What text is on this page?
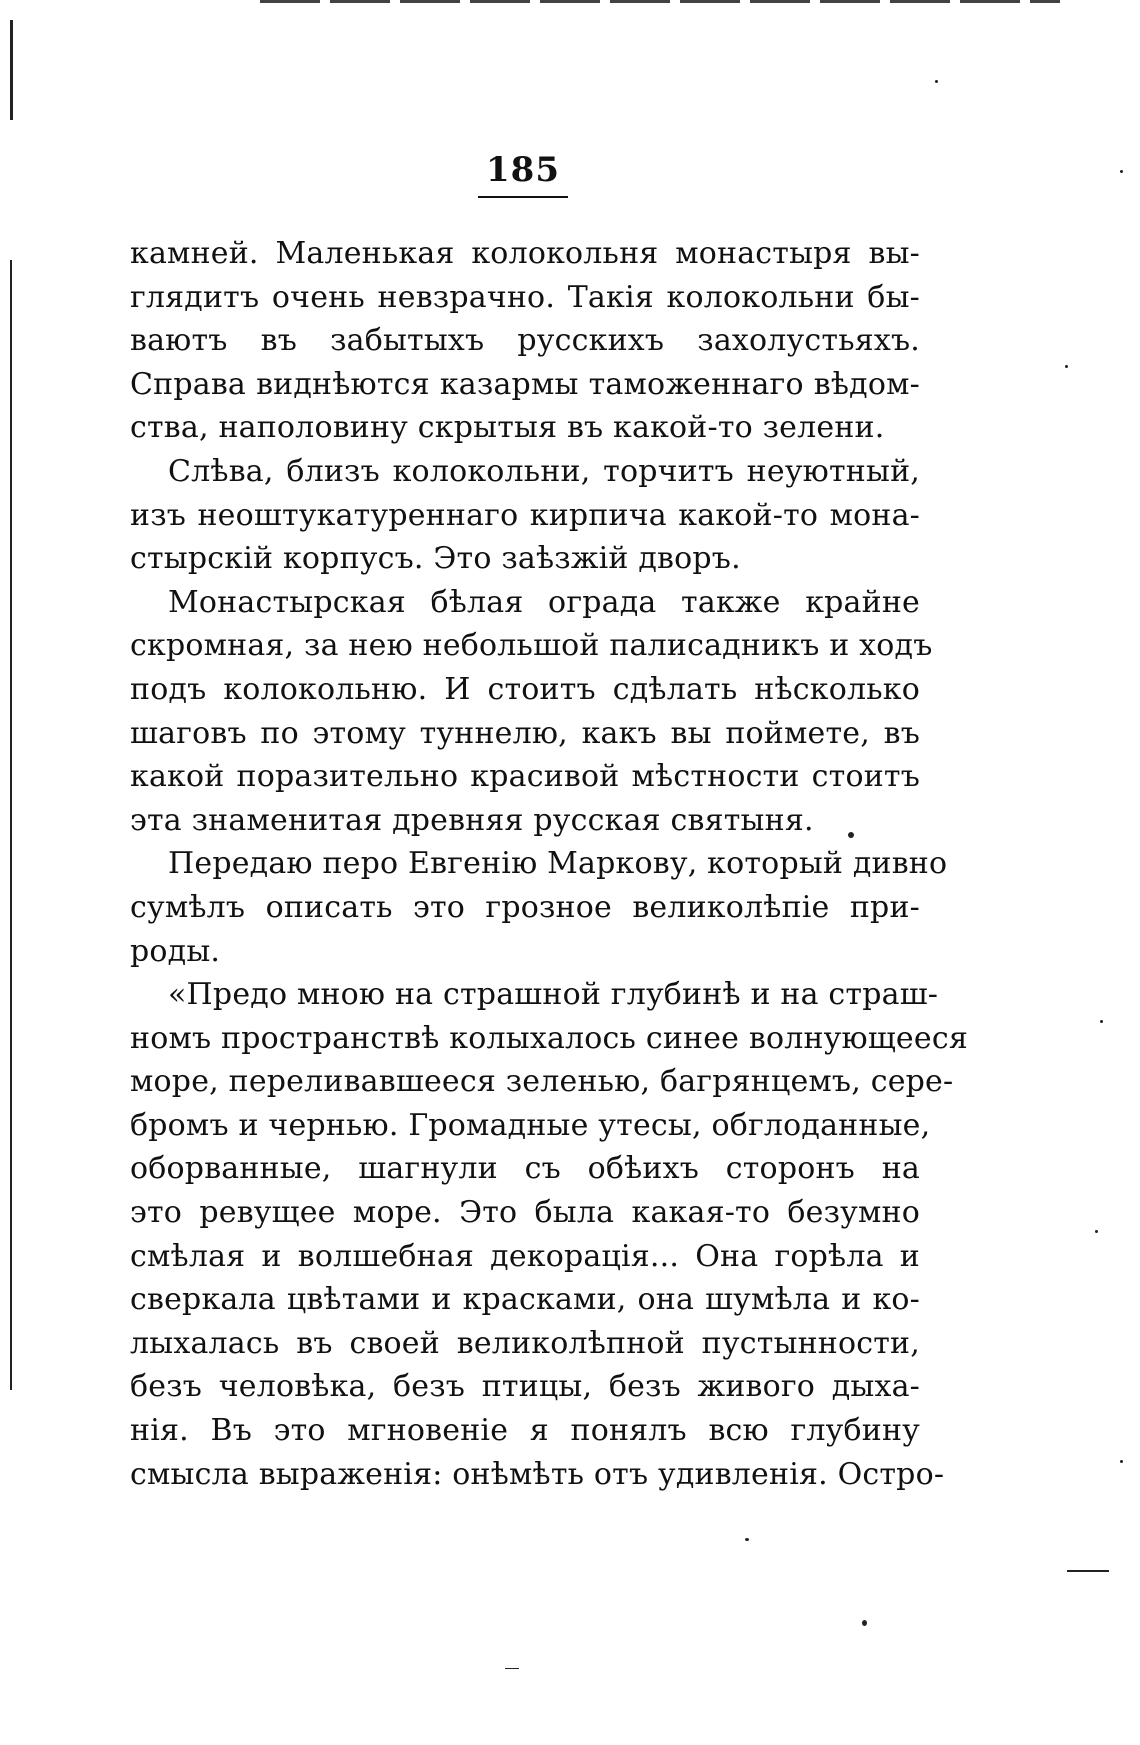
185
камней. Маленькая колокольня монастыря вы-
глядитъ очень невзрачно. Такія колокольни бы-
ваютъ въ забытыхъ русскихъ захолустьяхъ.
Справа виднѣются казармы таможеннаго вѣдом-
ства, наполовину скрытыя въ какой-то зелени.
Слѣва, близъ колокольни, торчитъ неуютный,
изъ неоштукатуреннаго кирпича какой-то мона-
стырскій корпусъ. Это заѣзжій дворъ.
Монастырская бѣлая ограда также крайне
скромная, за нею небольшой палисадникъ и ходъ
подъ колокольню. И стоитъ сдѣлать нѣсколько
шаговъ по этому туннелю, какъ вы поймете, въ
какой поразительно красивой мѣстности стоитъ
эта знаменитая древняя русская святыня.
Передаю перо Евгенію Маркову, который дивно
сумѣлъ описать это грозное великолѣпіе при-
роды.
«Предо мною на страшной глубинѣ и на страш-
номъ пространствѣ колыхалось синее волнующееся
море, переливавшееся зеленью, багрянцемъ, сере-
бромъ и чернью. Громадные утесы, обглоданные,
оборванные, шагнули съ обѣихъ сторонъ на
это ревущее море. Это была какая-то безумно
смѣлая и волшебная декорація... Она горѣла и
сверкала цвѣтами и красками, она шумѣла и ко-
лыхалась въ своей великолѣпной пустынности,
безъ человѣка, безъ птицы, безъ живого дыха-
нія. Въ это мгновеніе я понялъ всю глубину
смысла выраженія: онѣмѣть отъ удивленія. Остро-
